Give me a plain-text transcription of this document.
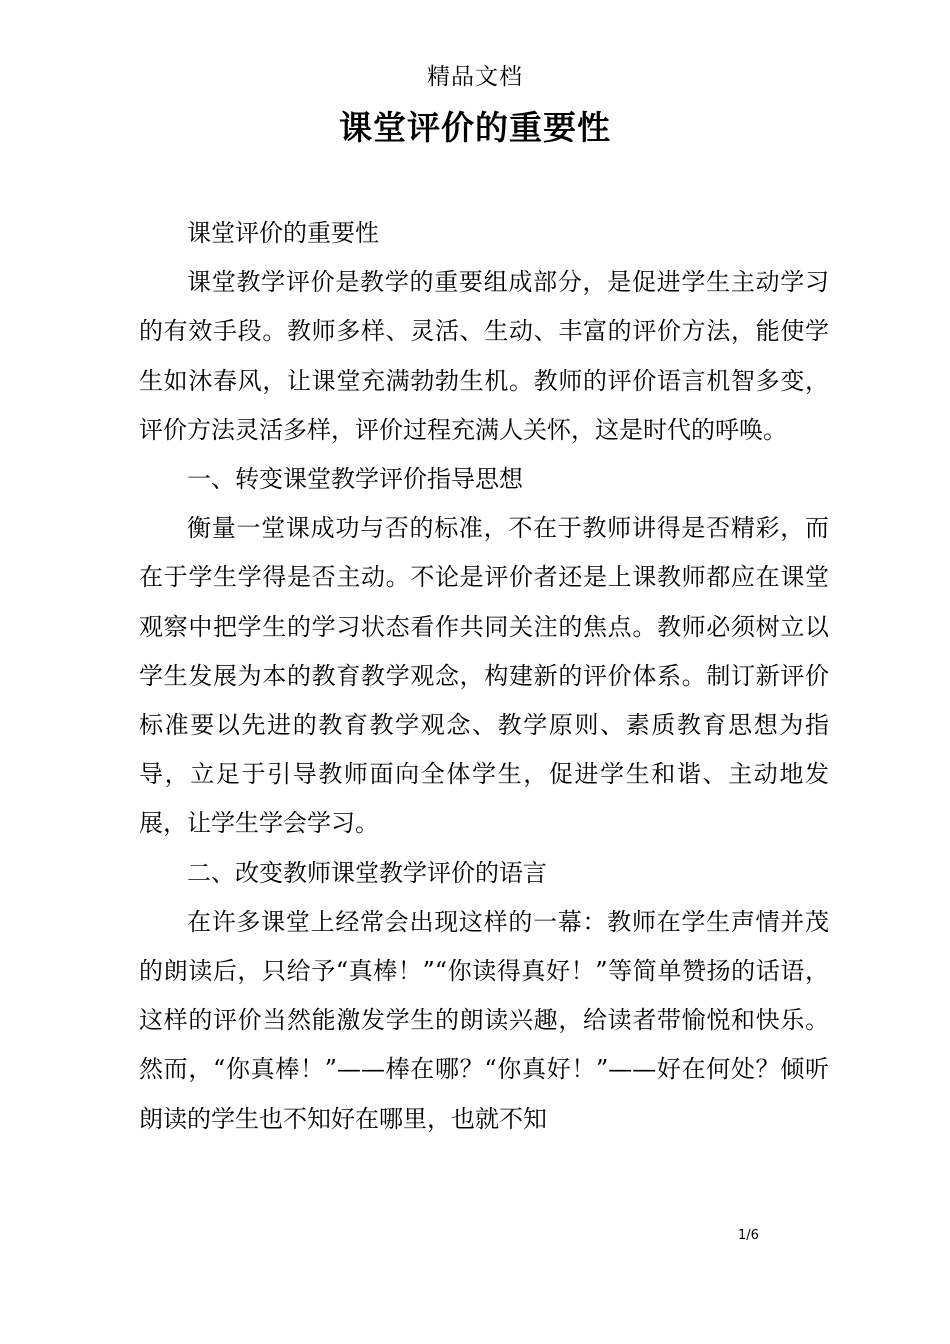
精品文档
课堂评价的重要性

课堂评价的重要性

课堂教学评价是教学的重要组成部分，是促进学生主动学习的有效手段。教师多样、灵活、生动、丰富的评价方法，能使学生如沐春风，让课堂充满勃勃生机。教师的评价语言机智多变，评价方法灵活多样，评价过程充满人关怀，这是时代的呼唤。

一、转变课堂教学评价指导思想

衡量一堂课成功与否的标准，不在于教师讲得是否精彩，而在于学生学得是否主动。不论是评价者还是上课教师都应在课堂观察中把学生的学习状态看作共同关注的焦点。教师必须树立以学生发展为本的教育教学观念，构建新的评价体系。制订新评价标准要以先进的教育教学观念、教学原则、素质教育思想为指导，立足于引导教师面向全体学生，促进学生和谐、主动地发展，让学生学会学习。

二、改变教师课堂教学评价的语言

在许多课堂上经常会出现这样的一幕：教师在学生声情并茂的朗读后，只给予“真棒！”“你读得真好！”等简单赞扬的话语，这样的评价当然能激发学生的朗读兴趣，给读者带愉悦和快乐。然而，“你真棒！”——棒在哪？“你真好！”——好在何处？倾听朗读的学生也不知好在哪里，也就不知

1/6
